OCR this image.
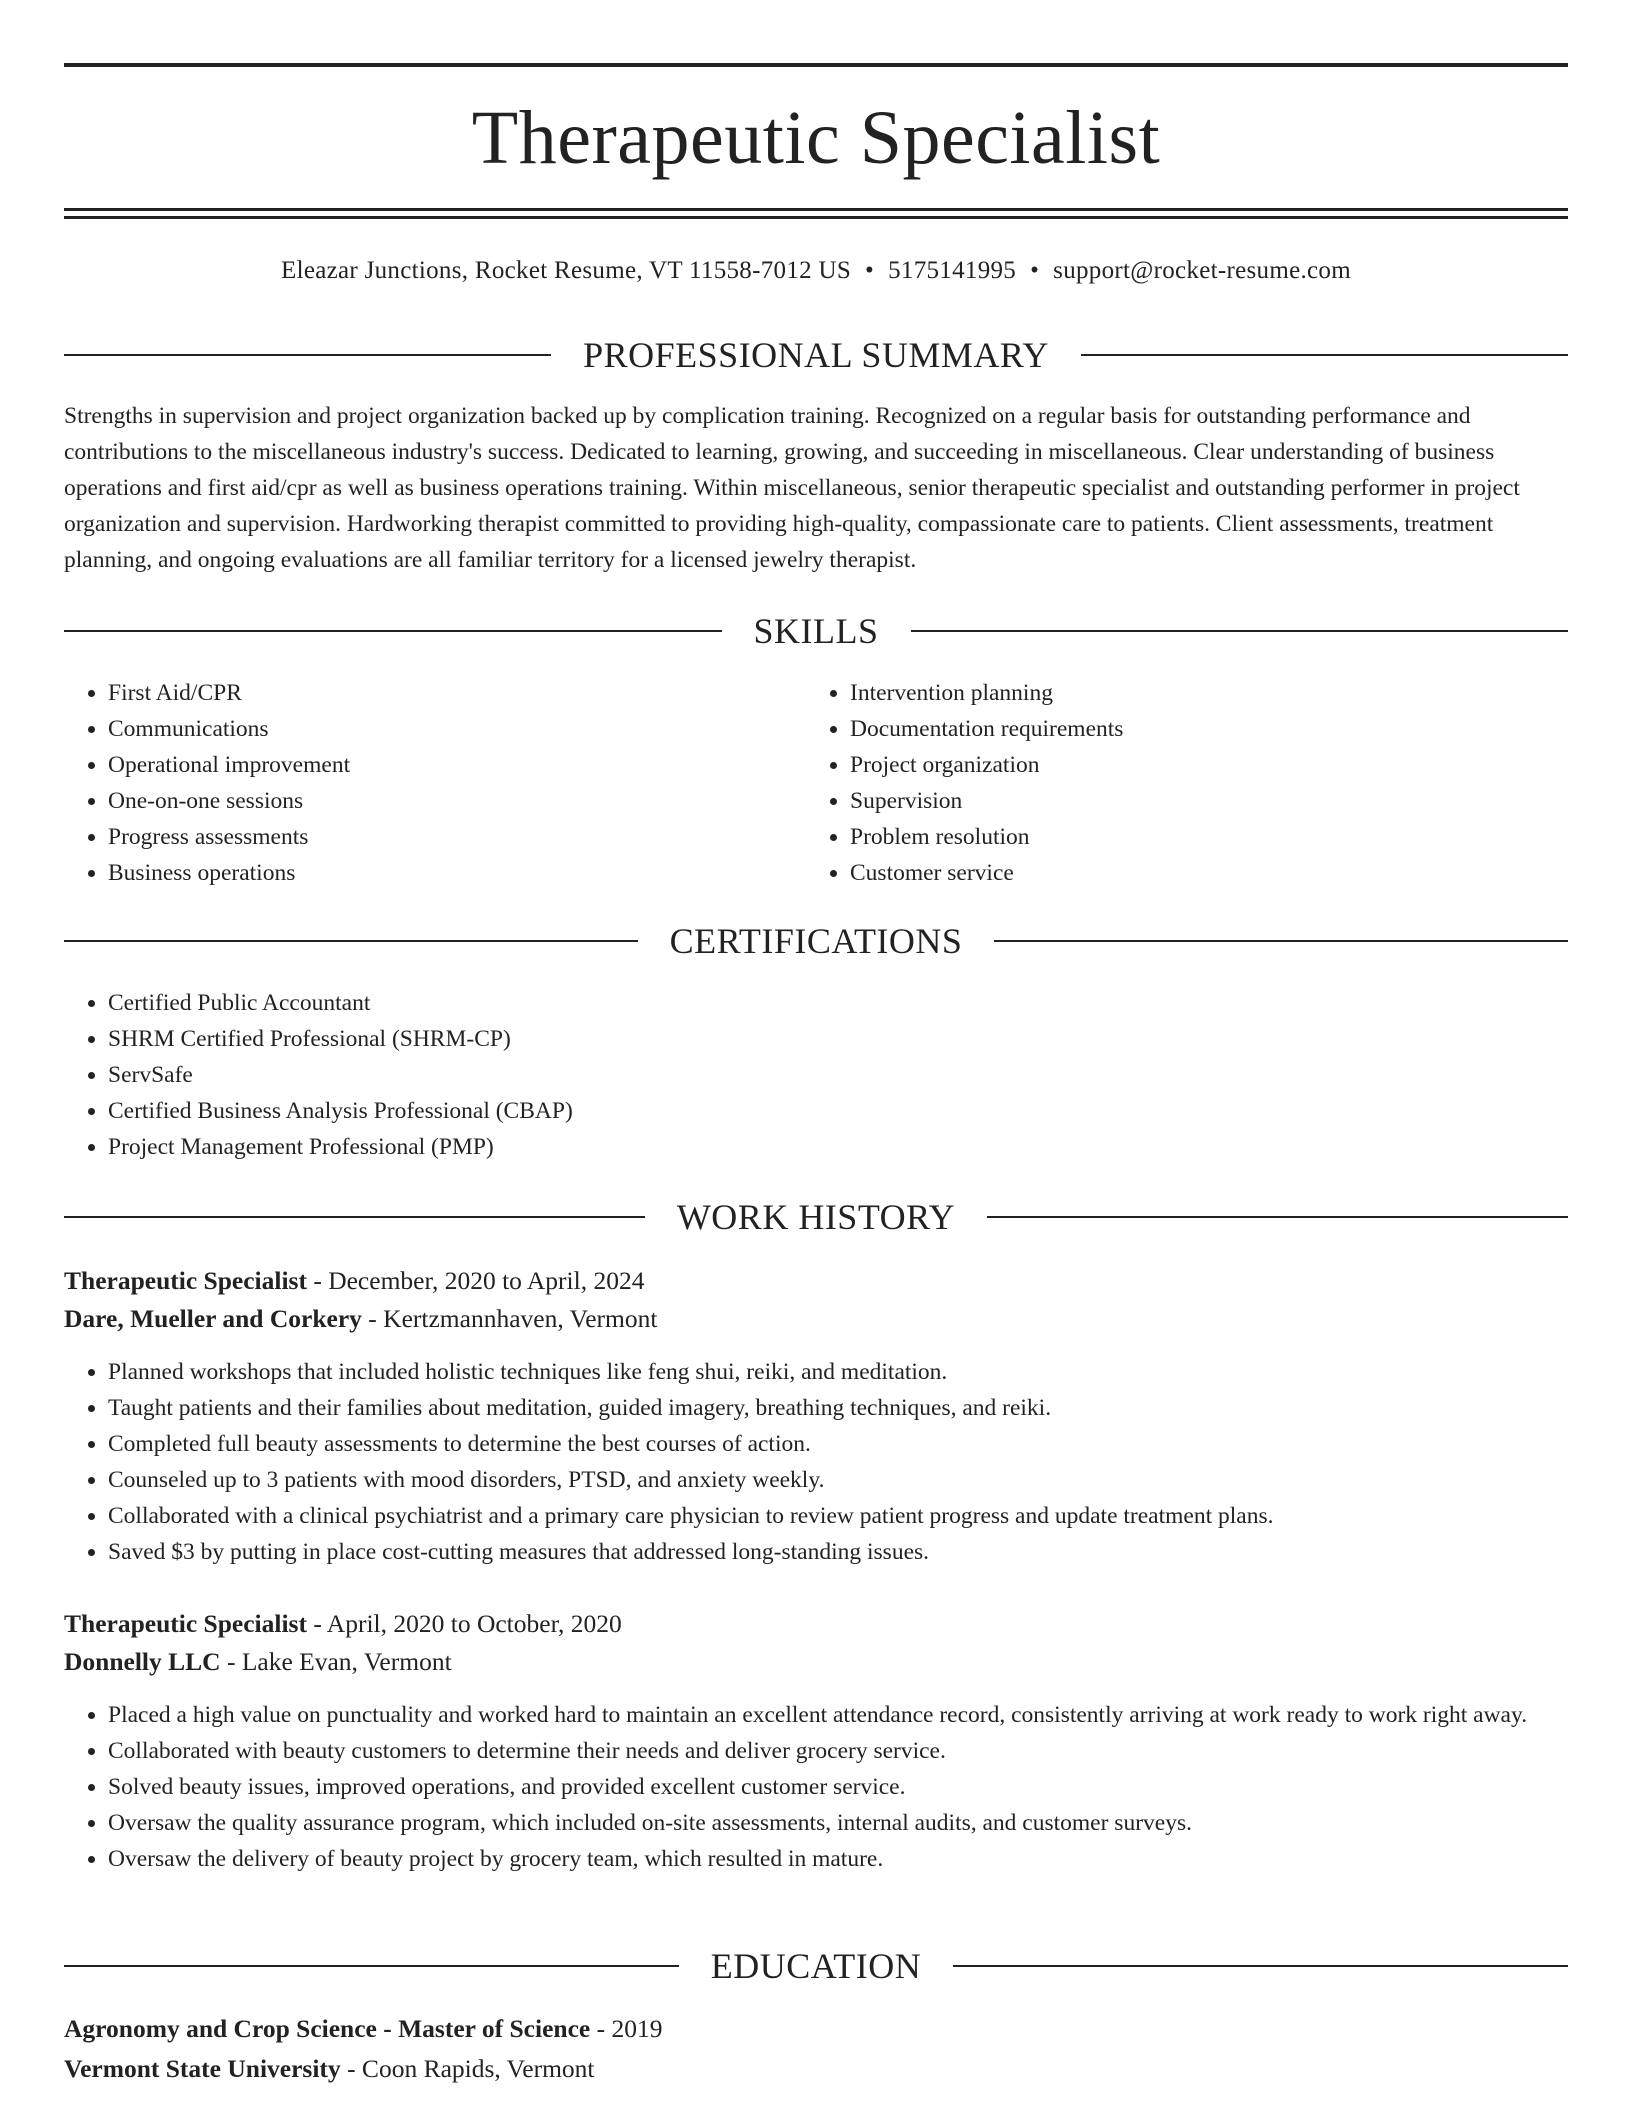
Therapeutic Specialist
Eleazar Junctions, Rocket Resume, VT 11558-7012 US • 5175141995 • support@rocket-resume.com
PROFESSIONAL SUMMARY
Strengths in supervision and project organization backed up by complication training. Recognized on a regular basis for outstanding performance and contributions to the miscellaneous industry's success. Dedicated to learning, growing, and succeeding in miscellaneous. Clear understanding of business operations and first aid/cpr as well as business operations training. Within miscellaneous, senior therapeutic specialist and outstanding performer in project organization and supervision. Hardworking therapist committed to providing high-quality, compassionate care to patients. Client assessments, treatment planning, and ongoing evaluations are all familiar territory for a licensed jewelry therapist.
SKILLS
• First Aid/CPR
• Communications
• Operational improvement
• One-on-one sessions
• Progress assessments
• Business operations
• Intervention planning
• Documentation requirements
• Project organization
• Supervision
• Problem resolution
• Customer service
CERTIFICATIONS
• Certified Public Accountant
• SHRM Certified Professional (SHRM-CP)
• ServSafe
• Certified Business Analysis Professional (CBAP)
• Project Management Professional (PMP)
WORK HISTORY
Therapeutic Specialist - December, 2020 to April, 2024
Dare, Mueller and Corkery - Kertzmannhaven, Vermont
• Planned workshops that included holistic techniques like feng shui, reiki, and meditation.
• Taught patients and their families about meditation, guided imagery, breathing techniques, and reiki.
• Completed full beauty assessments to determine the best courses of action.
• Counseled up to 3 patients with mood disorders, PTSD, and anxiety weekly.
• Collaborated with a clinical psychiatrist and a primary care physician to review patient progress and update treatment plans.
• Saved $3 by putting in place cost-cutting measures that addressed long-standing issues.
Therapeutic Specialist - April, 2020 to October, 2020
Donnelly LLC - Lake Evan, Vermont
• Placed a high value on punctuality and worked hard to maintain an excellent attendance record, consistently arriving at work ready to work right away.
• Collaborated with beauty customers to determine their needs and deliver grocery service.
• Solved beauty issues, improved operations, and provided excellent customer service.
• Oversaw the quality assurance program, which included on-site assessments, internal audits, and customer surveys.
• Oversaw the delivery of beauty project by grocery team, which resulted in mature.
EDUCATION
Agronomy and Crop Science - Master of Science - 2019
Vermont State University - Coon Rapids, Vermont
